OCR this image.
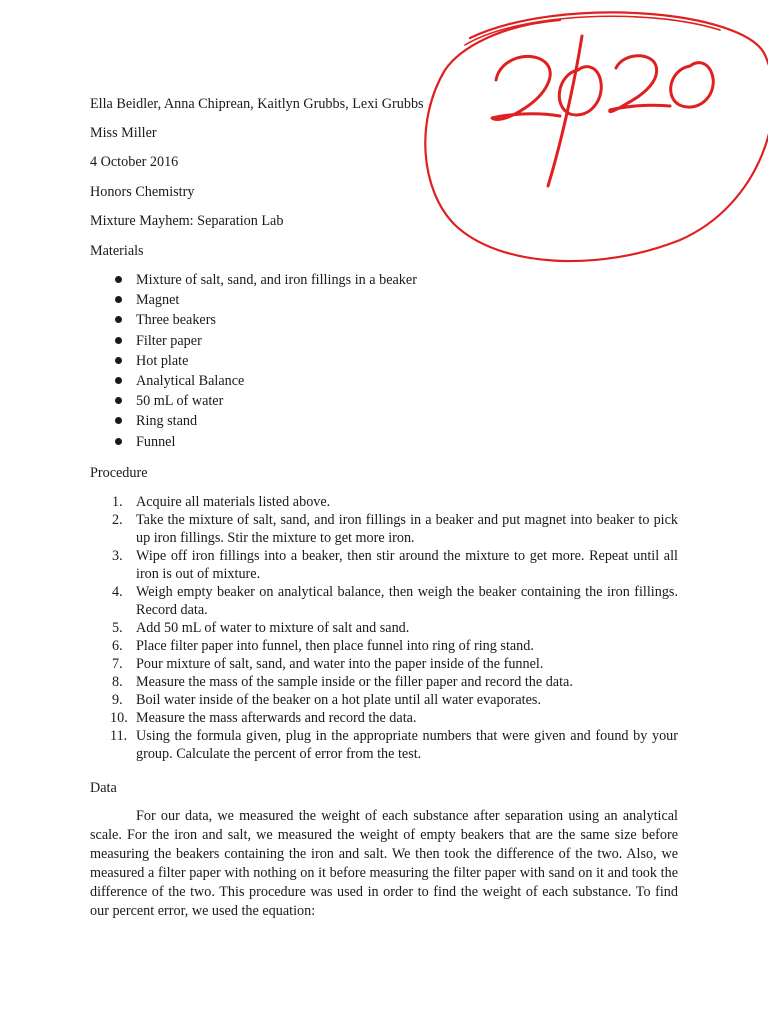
Ella Beidler, Anna Chiprean, Kaitlyn Grubbs, Lexi Grubbs
Miss Miller
4 October 2016
Honors Chemistry
Mixture Mayhem: Separation Lab
Materials
Mixture of salt, sand, and iron fillings in a beaker
Magnet
Three beakers
Filter paper
Hot plate
Analytical Balance
50 mL of water
Ring stand
Funnel
Procedure
1. Acquire all materials listed above.
2. Take the mixture of salt, sand, and iron fillings in a beaker and put magnet into beaker to pick up iron fillings. Stir the mixture to get more iron.
3. Wipe off iron fillings into a beaker, then stir around the mixture to get more. Repeat until all iron is out of mixture.
4. Weigh empty beaker on analytical balance, then weigh the beaker containing the iron fillings. Record data.
5. Add 50 mL of water to mixture of salt and sand.
6. Place filter paper into funnel, then place funnel into ring of ring stand.
7. Pour mixture of salt, sand, and water into the paper inside of the funnel.
8. Measure the mass of the sample inside or the filler paper and record the data.
9. Boil water inside of the beaker on a hot plate until all water evaporates.
10. Measure the mass afterwards and record the data.
11. Using the formula given, plug in the appropriate numbers that were given and found by your group. Calculate the percent of error from the test.
Data

For our data, we measured the weight of each substance after separation using an analytical scale. For the iron and salt, we measured the weight of empty beakers that are the same size before measuring the beakers containing the iron and salt. We then took the difference of the two. Also, we measured a filter paper with nothing on it before measuring the filter paper with sand on it and took the difference of the two. This procedure was used in order to find the weight of each substance. To find our percent error, we used the equation:
